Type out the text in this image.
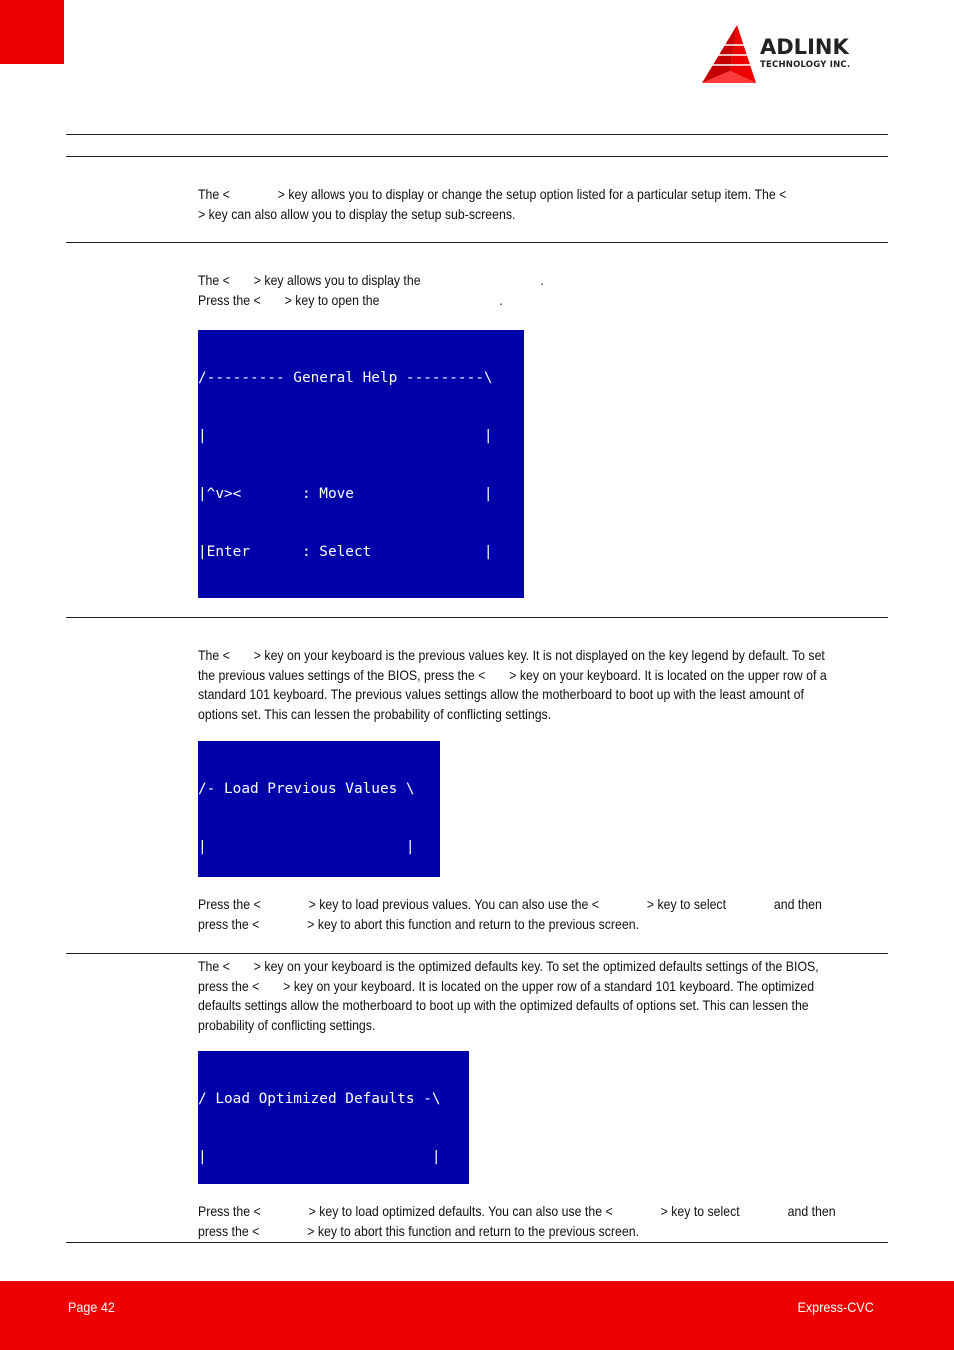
ADLINK
TECHNOLOGY INC.
The <              > key allows you to display or change the setup option listed for a particular setup item. The <
> key can also allow you to display the setup sub-screens.
The <       > key allows you to display the                                   .
Press the <       > key to open the                                   .

/--------- General Help ---------\

|                                |

|^v><       : Move               |

|Enter      : Select             |

The <       > key on your keyboard is the previous values key. It is not displayed on the key legend by default. To set
the previous values settings of the BIOS, press the <       > key on your keyboard. It is located on the upper row of a
standard 101 keyboard. The previous values settings allow the motherboard to boot up with the least amount of
options set. This can lessen the probability of conflicting settings.

/- Load Previous Values \

|                       |

Press the <              > key to load previous values. You can also use the <              > key to select              and then
press the <              > key to abort this function and return to the previous screen.
The <       > key on your keyboard is the optimized defaults key. To set the optimized defaults settings of the BIOS,
press the <       > key on your keyboard. It is located on the upper row of a standard 101 keyboard. The optimized
defaults settings allow the motherboard to boot up with the optimized defaults of options set. This can lessen the
probability of conflicting settings.

/ Load Optimized Defaults -\

|                          |

Press the <              > key to load optimized defaults. You can also use the <              > key to select              and then
press the <              > key to abort this function and return to the previous screen.
Page 42	Express-CVC
